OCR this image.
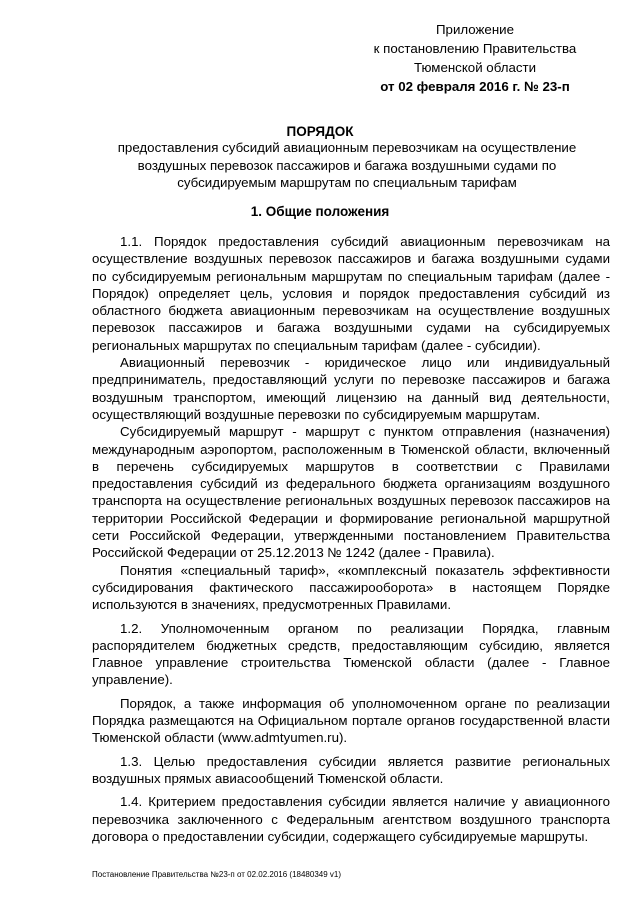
Приложение
к постановлению Правительства
Тюменской области
от 02 февраля 2016 г. № 23-п
ПОРЯДОК
предоставления субсидий авиационным перевозчикам на осуществление воздушных перевозок пассажиров и багажа воздушными судами по субсидируемым маршрутам по специальным тарифам
1. Общие положения

1.1. Порядок предоставления субсидий авиационным перевозчикам на осуществление воздушных перевозок пассажиров и багажа воздушными судами по субсидируемым региональным маршрутам по специальным тарифам (далее - Порядок) определяет цель, условия и порядок предоставления субсидий из областного бюджета авиационным перевозчикам на осуществление воздушных перевозок пассажиров и багажа воздушными судами на субсидируемых региональных маршрутах по специальным тарифам (далее - субсидии).

Авиационный перевозчик - юридическое лицо или индивидуальный предприниматель, предоставляющий услуги по перевозке пассажиров и багажа воздушным транспортом, имеющий лицензию на данный вид деятельности, осуществляющий воздушные перевозки по субсидируемым маршрутам.

Субсидируемый маршрут - маршрут с пунктом отправления (назначения) международным аэропортом, расположенным в Тюменской области, включенный в перечень субсидируемых маршрутов в соответствии с Правилами предоставления субсидий из федерального бюджета организациям воздушного транспорта на осуществление региональных воздушных перевозок пассажиров на территории Российской Федерации и формирование региональной маршрутной сети Российской Федерации, утвержденными постановлением Правительства Российской Федерации от 25.12.2013 № 1242 (далее - Правила).

Понятия «специальный тариф», «комплексный показатель эффективности субсидирования фактического пассажирооборота» в настоящем Порядке используются в значениях, предусмотренных Правилами.

1.2. Уполномоченным органом по реализации Порядка, главным распорядителем бюджетных средств, предоставляющим субсидию, является Главное управление строительства Тюменской области (далее - Главное управление).

Порядок, а также информация об уполномоченном органе по реализации Порядка размещаются на Официальном портале органов государственной власти Тюменской области (www.admtyumen.ru).

1.3. Целью предоставления субсидии является развитие региональных воздушных прямых авиасообщений Тюменской области.

1.4. Критерием предоставления субсидии является наличие у авиационного перевозчика заключенного с Федеральным агентством воздушного транспорта договора о предоставлении субсидии, содержащего субсидируемые маршруты.

Постановление Правительства №23-п от 02.02.2016 (18480349 v1)
